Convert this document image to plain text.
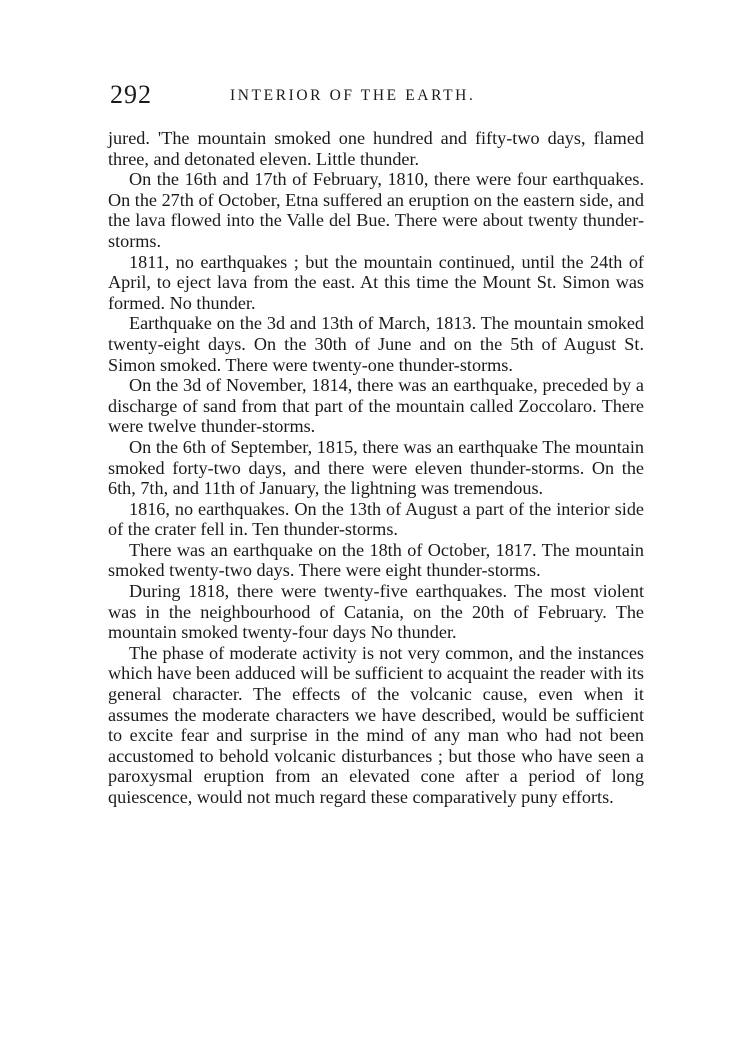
292	INTERIOR OF THE EARTH.

jured. 'The mountain smoked one hundred and fifty-two days, flamed three, and detonated eleven. Little thunder.

On the 16th and 17th of February, 1810, there were four earthquakes. On the 27th of October, Etna suffered an eruption on the eastern side, and the lava flowed into the Valle del Bue. There were about twenty thunder-storms.

1811, no earthquakes ; but the mountain continued, until the 24th of April, to eject lava from the east. At this time the Mount St. Simon was formed. No thunder.

Earthquake on the 3d and 13th of March, 1813. The mountain smoked twenty-eight days. On the 30th of June and on the 5th of August St. Simon smoked. There were twenty-one thunder-storms.

On the 3d of November, 1814, there was an earthquake, preceded by a discharge of sand from that part of the mountain called Zoccolaro. There were twelve thunder-storms.

On the 6th of September, 1815, there was an earthquake The mountain smoked forty-two days, and there were eleven thunder-storms. On the 6th, 7th, and 11th of January, the lightning was tremendous.

1816, no earthquakes. On the 13th of August a part of the interior side of the crater fell in. Ten thunder-storms.

There was an earthquake on the 18th of October, 1817. The mountain smoked twenty-two days. There were eight thunder-storms.

During 1818, there were twenty-five earthquakes. The most violent was in the neighbourhood of Catania, on the 20th of February. The mountain smoked twenty-four days No thunder.

The phase of moderate activity is not very common, and the instances which have been adduced will be sufficient to acquaint the reader with its general character. The effects of the volcanic cause, even when it assumes the moderate characters we have described, would be sufficient to excite fear and surprise in the mind of any man who had not been accustomed to behold volcanic disturbances ; but those who have seen a paroxysmal eruption from an elevated cone after a period of long quiescence, would not much regard these comparatively puny efforts.
